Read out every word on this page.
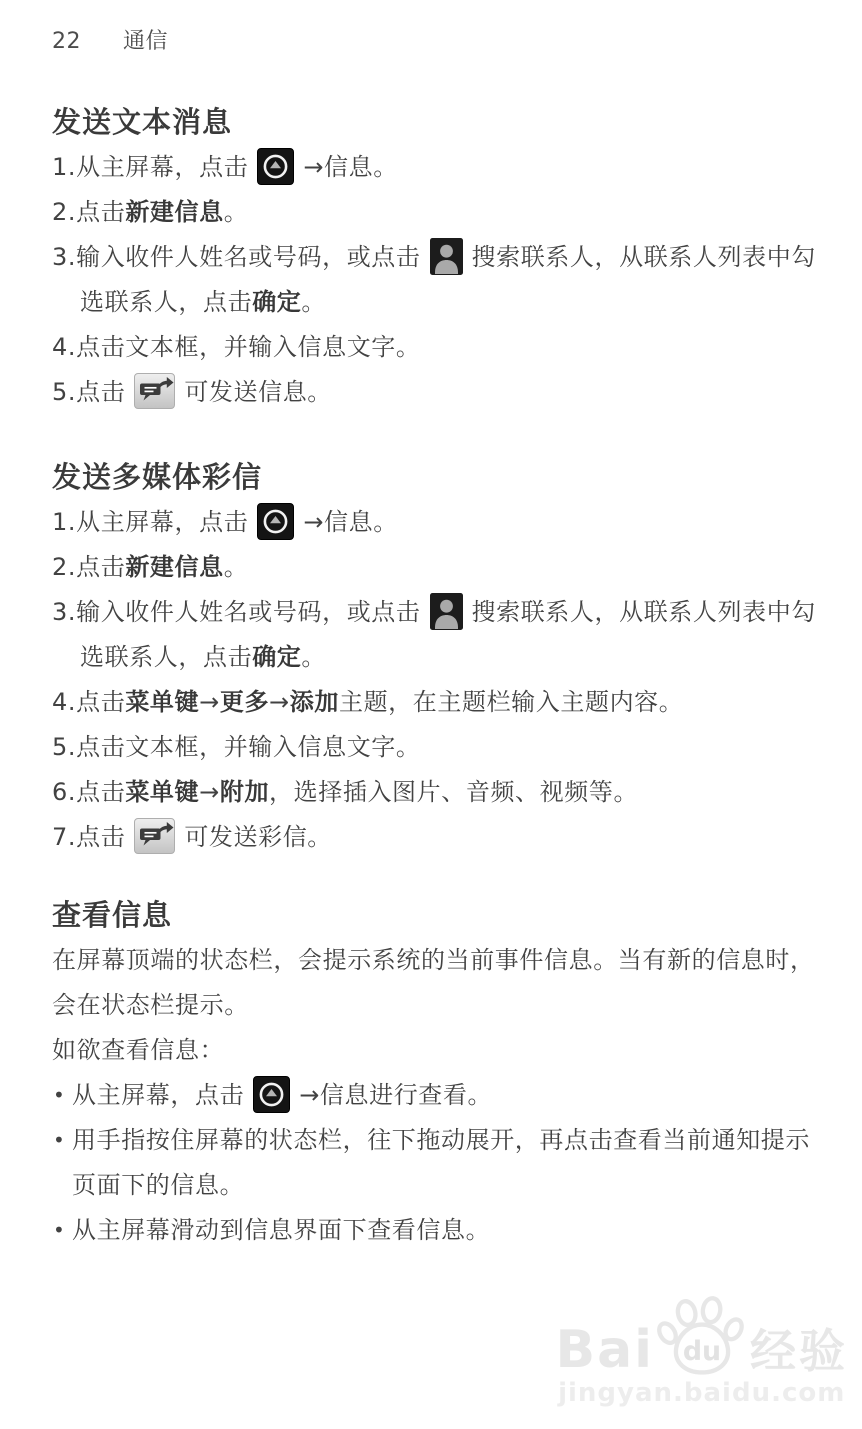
22 通信
发送文本消息
1.从主屏幕，点击 →信息。
2.点击新建信息。
3.输入收件人姓名或号码，或点击 搜索联系人，从联系人列表中勾
选联系人，点击确定。
4.点击文本框，并输入信息文字。
5.点击 可发送信息。
发送多媒体彩信
1.从主屏幕，点击 →信息。
2.点击新建信息。
3.输入收件人姓名或号码，或点击 搜索联系人，从联系人列表中勾
选联系人，点击确定。
4.点击菜单键→更多→添加主题，在主题栏输入主题内容。
5.点击文本框，并输入信息文字。
6.点击菜单键→附加，选择插入图片、音频、视频等。
7.点击 可发送彩信。
查看信息
在屏幕顶端的状态栏，会提示系统的当前事件信息。当有新的信息时，
会在状态栏提示。
如欲查看信息：
• 从主屏幕，点击 →信息进行查看。
• 用手指按住屏幕的状态栏，往下拖动展开，再点击查看当前通知提示
页面下的信息。
• 从主屏幕滑动到信息界面下查看信息。
Bai du 经验
jingyan.baidu.com
